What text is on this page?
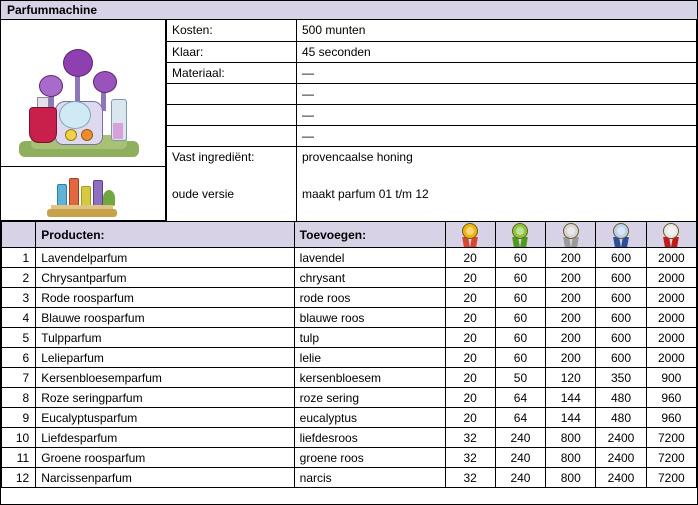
Parfummachine
Kosten:	500 munten
Klaar:	45 seconden
Materiaal:	—
	—
	—
	—
Vast ingrediënt:	provencaalse honing
oude versie	maakt parfum 01 t/m 12
	Producten:	Toevoegen:	

1	Lavendelparfum	lavendel	20	60	200	600	2000
2	Chrysantparfum	chrysant	20	60	200	600	2000
3	Rode roosparfum	rode roos	20	60	200	600	2000
4	Blauwe roosparfum	blauwe roos	20	60	200	600	2000
5	Tulpparfum	tulp	20	60	200	600	2000
6	Lelieparfum	lelie	20	60	200	600	2000
7	Kersenbloesemparfum	kersenbloesem	20	50	120	350	900
8	Roze seringparfum	roze sering	20	64	144	480	960
9	Eucalyptusparfum	eucalyptus	20	64	144	480	960
10	Liefdesparfum	liefdesroos	32	240	800	2400	7200
11	Groene roosparfum	groene roos	32	240	800	2400	7200
12	Narcissenparfum	narcis	32	240	800	2400	7200
